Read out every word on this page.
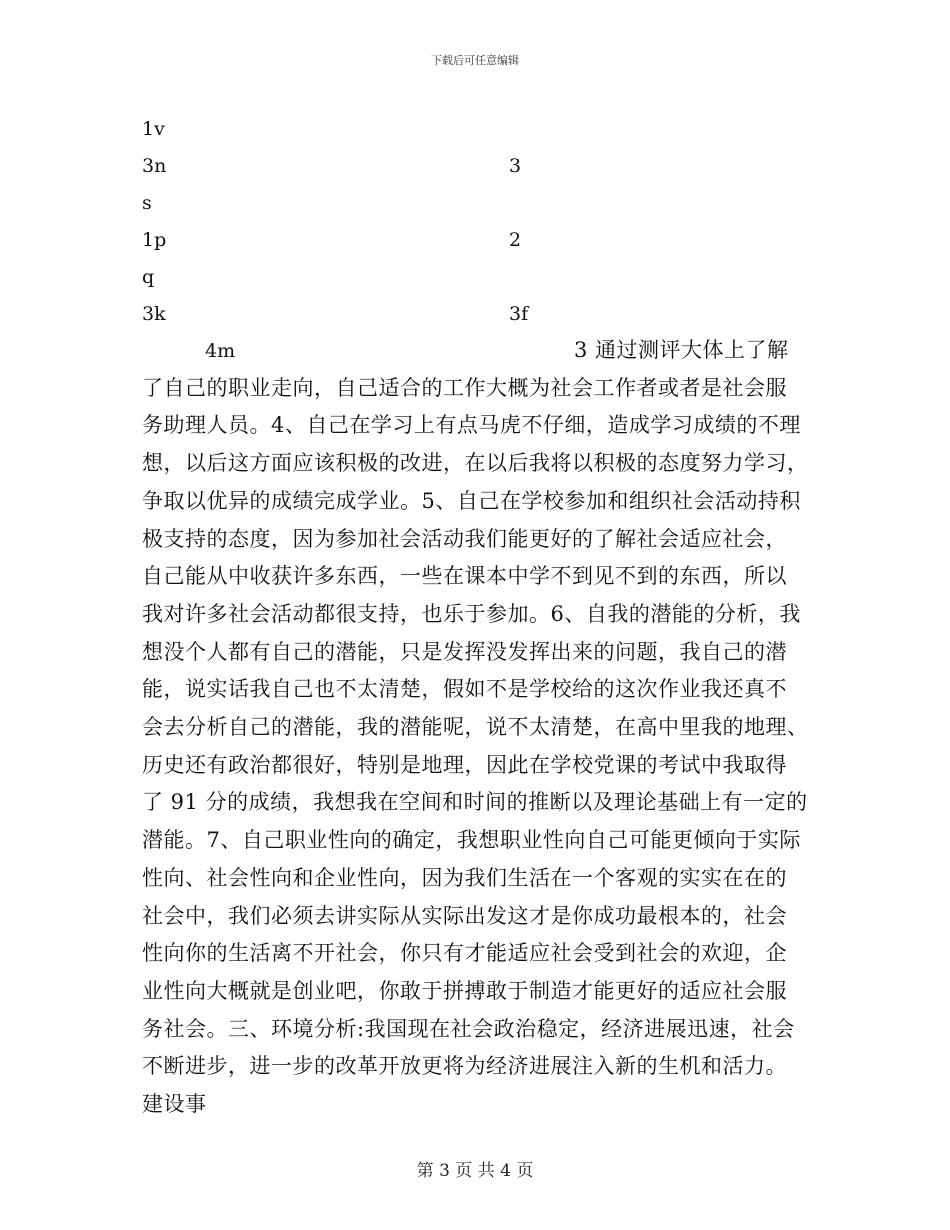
下载后可任意编辑
1v
3n	3
s
1p	2
q
3k	3f
4m	3 通过测评大体上了解
了自己的职业走向，自己适合的工作大概为社会工作者或者是社会服
务助理人员。4、自己在学习上有点马虎不仔细，造成学习成绩的不理
想，以后这方面应该积极的改进，在以后我将以积极的态度努力学习，
争取以优异的成绩完成学业。5、自己在学校参加和组织社会活动持积
极支持的态度，因为参加社会活动我们能更好的了解社会适应社会，
自己能从中收获许多东西，一些在课本中学不到见不到的东西，所以
我对许多社会活动都很支持，也乐于参加。6、自我的潜能的分析，我
想没个人都有自己的潜能，只是发挥没发挥出来的问题，我自己的潜
能，说实话我自己也不太清楚，假如不是学校给的这次作业我还真不
会去分析自己的潜能，我的潜能呢，说不太清楚，在高中里我的地理、
历史还有政治都很好，特别是地理，因此在学校党课的考试中我取得
了 91 分的成绩，我想我在空间和时间的推断以及理论基础上有一定的
潜能。7、自己职业性向的确定，我想职业性向自己可能更倾向于实际
性向、社会性向和企业性向，因为我们生活在一个客观的实实在在的
社会中，我们必须去讲实际从实际出发这才是你成功最根本的，社会
性向你的生活离不开社会，你只有才能适应社会受到社会的欢迎，企
业性向大概就是创业吧，你敢于拼搏敢于制造才能更好的适应社会服
务社会。三、环境分析:我国现在社会政治稳定，经济进展迅速，社会
不断进步，进一步的改革开放更将为经济进展注入新的生机和活力。
建设事
第 3 页 共 4 页
